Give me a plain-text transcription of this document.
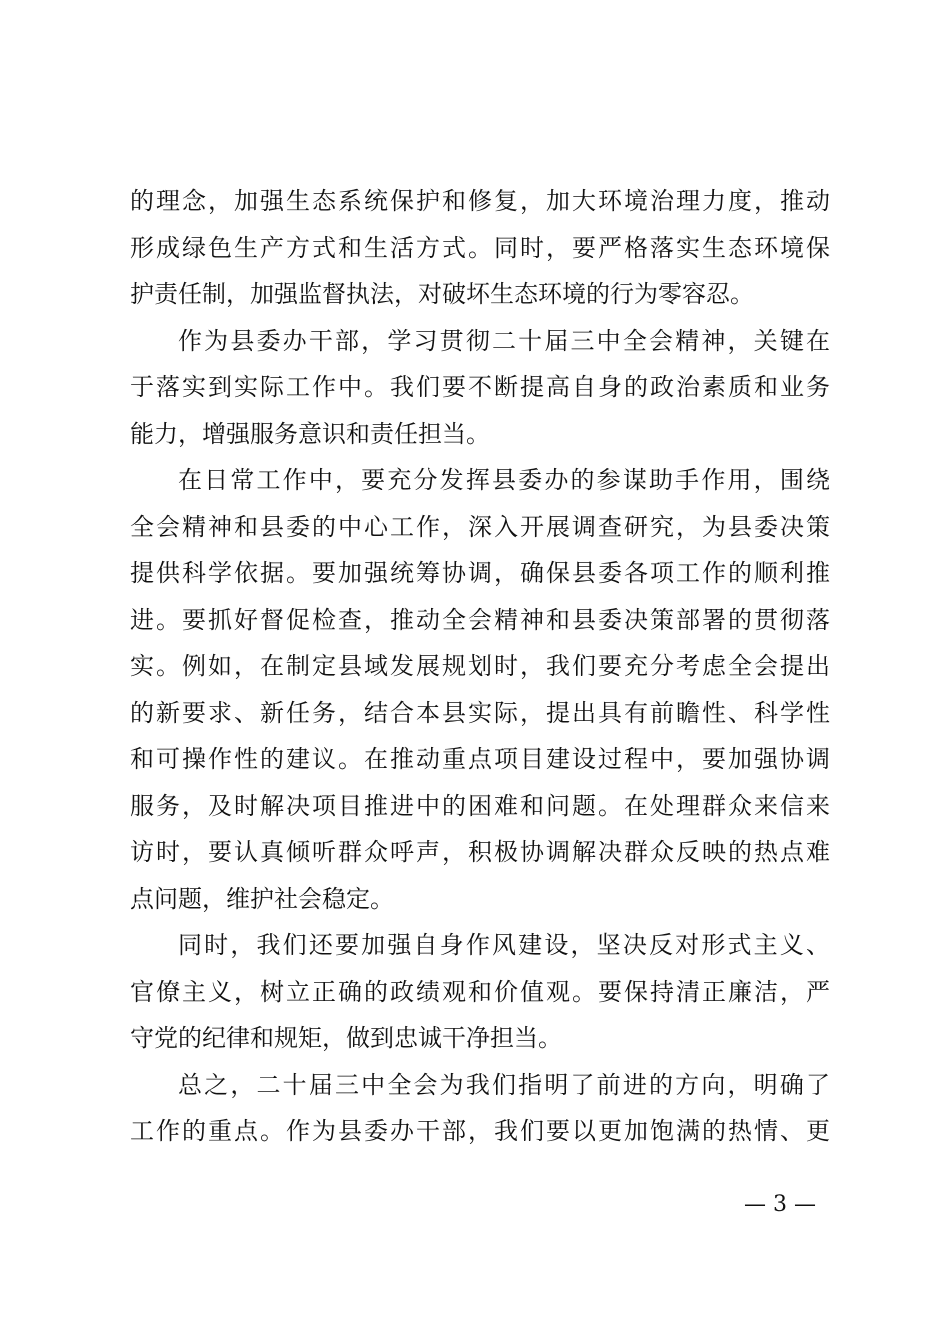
的理念，加强生态系统保护和修复，加大环境治理力度，推动
形成绿色生产方式和生活方式。同时，要严格落实生态环境保
护责任制，加强监督执法，对破坏生态环境的行为零容忍。
作为县委办干部，学习贯彻二十届三中全会精神，关键在
于落实到实际工作中。我们要不断提高自身的政治素质和业务
能力，增强服务意识和责任担当。
在日常工作中，要充分发挥县委办的参谋助手作用，围绕
全会精神和县委的中心工作，深入开展调查研究，为县委决策
提供科学依据。要加强统筹协调，确保县委各项工作的顺利推
进。要抓好督促检查，推动全会精神和县委决策部署的贯彻落
实。例如，在制定县域发展规划时，我们要充分考虑全会提出
的新要求、新任务，结合本县实际，提出具有前瞻性、科学性
和可操作性的建议。在推动重点项目建设过程中，要加强协调
服务，及时解决项目推进中的困难和问题。在处理群众来信来
访时，要认真倾听群众呼声，积极协调解决群众反映的热点难
点问题，维护社会稳定。
同时，我们还要加强自身作风建设，坚决反对形式主义、
官僚主义，树立正确的政绩观和价值观。要保持清正廉洁，严
守党的纪律和规矩，做到忠诚干净担当。
总之，二十届三中全会为我们指明了前进的方向，明确了
工作的重点。作为县委办干部，我们要以更加饱满的热情、更
— 3 —
